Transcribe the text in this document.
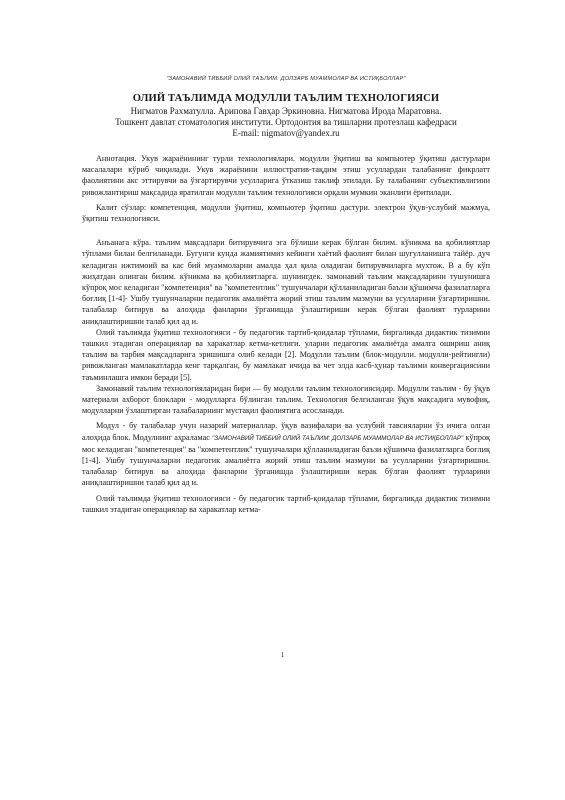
"ЗАМОНАВИЙ ТИББИЙ ОЛИЙ ТАЪЛИМ: ДОЛЗАРБ МУАММОЛАР ВА ИСТИҚБОЛЛАР"
ОЛИЙ ТАЪЛИМДА МОДУЛЛИ ТАЪЛИМ ТЕХНОЛОГИЯСИ
Нигматов Рахматулла. Арипова Гавҳар Эркиновна. Нигматова Ирода Маратовна.
Тошкент давлат стоматология институти. Ортодонтия ва тишларни протезлаш кафедраси
E-mail: nigmatov@yandex.ru

Аннотация. Укув жараёнининг турли технологиялари. модулли ўқитиш ва компьютер ўқитиш дастурлари масалалари кўриб чиқилади. Укув жараёнини иллюстратив-тақдим этиш усуллардан талабанинг фикрлатт фаолиятини акс эттирувчи ва ўзгартирувчи усулларига ўтказиш таклиф этилади. Бу талабанинг субъективлигини ривожлантириш мақсадида яратилган модулли таълим технологияси орқали мумкин эканлиги ёритилади.

Калит сўзлар: компетенция, модулли ўқитиш, компьютер ўқитиш дастури. электрон ўқув-услубий мажмуа, ўқитиш технологияси.

Анъанага кўра. таълим мақсадлари битирувчига эга бўлиши керак бўлган билим. кўникма ва қобилиятлар тўплами билан белгиланади. Бугунги кунда жамиятимиз кейинги хаётий фаолият билан шуғулланишга тайёр. дуч келадиган ижтимоий ва кас бий муаммоларни амалда ҳал қила оладиган битирувчиларга мухтож. В а бу кўп жиҳатдан олинган билим. кўникма ва қобилиятларга. шунингдек. замонавий таълим мақсадларини тушунишга кўпроқ мос келадиган "компетенция" ва "компетентлик" тушунчалари қўлланиладиган баъзи қўшимча фазилатларга боғлиқ [1-4]- Ушбу тушунчаларни педагогик амалиётга жорий этиш таълим мазмуни ва усулларини ўзгартиришни. талабалар битирув ва алоҳида фанларни ўрганишда ўзлаштириши керак бўлган фаолият турларини аниқлаштиришни талаб қил ад и.

Олий таълимда ўқитиш технологияси - бу педагогик тартиб-қоидалар тўплами, биргаликда дидактик тизимни ташкил этадиган операциялар ва харакатлар кетма-кетлиги. уларни педагогик амалиётда амалга ошириш аниқ таълим ва тарбия мақсадларига эришишга олиб келади [2]. Модулли таълим (блок-модулли. модулли-рейтингли) ривожланган мамлакатларда кенг тарқалган, бу мамлакат ичида ва чет элда касб-ҳунар таълими конвергациясини таъминлашга имкон беради [5].

Замонавий таълим технологияларидан бири — бу модулли таълим технологиясидир. Модулли таълим - бу ўқув материали ахборот блоклари - модулларга бўлинган таълим. Технология белгиланган ўқув мақсадига мувофиқ, модулларни ўзлаштирган талабаларнинг мустақил фаолиятига асосланади.

Модул - бу талабалар учун назарий материаллар. ўқув вазифалари ва услубий тавсияларни ўз ичига олган алоҳида блок. Модулнинг аҳраламас "ЗАМОНАВИЙ ТИББИЙ ОЛИЙ ТАЪЛИМ: ДОЛЗАРБ МУАММОЛАР ВА ИСТИҚБОЛЛАР" кўпроқ мос келадиган "компетенция" ва "компетентлик" тушунчалари қўлланиладиган баъзи қўшимча фазилатларга боғлиқ [1-4]. Ушбу тушунчаларни педагогик амалиётга жорий этиш таълим мазмуни ва усулларини ўзгартиришни. талабалар битирув ва алоҳида фанларни ўрганишда ўзлаштириши керак бўлган фаолият турларини аниқлаштиришни талаб қил ад и.

Олий таълимда ўқитиш технологияси - бу педагогик тартиб-қоидалар тўплами, биргаликда дидактик тизимни ташкил этадиган операциялар ва харакатлар кетма-

1
